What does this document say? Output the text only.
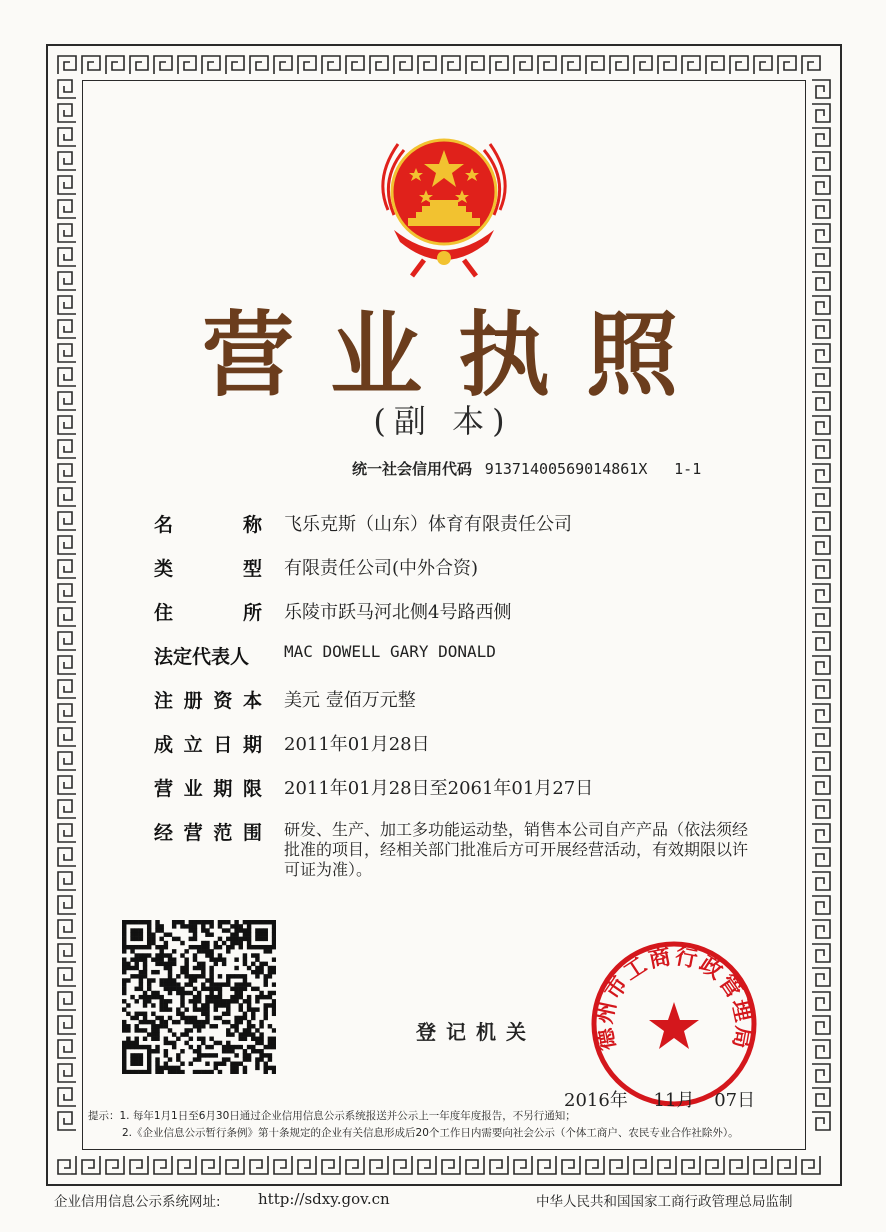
营业执照
(副 本)
统一社会信用代码 91371400569014861X 1-1
名	称 飞乐克斯（山东）体育有限责任公司
类	型 有限责任公司(中外合资)
住	所 乐陵市跃马河北侧4号路西侧
法定代表人	MAC DOWELL GARY DONALD
注 册 资 本 美元 壹佰万元整
成 立 日 期 2011年01月28日
营 业 期 限 2011年01月28日至2061年01月27日
经 营 范 围 研发、生产、加工多功能运动垫，销售本公司自产产品（依法须经批准的项目，经相关部门批准后方可开展经营活动，有效期限以许可证为准）。
登记机关	德州市工商行政管理局
2016年 11月 07日
提示：1. 每年1月1日至6月30日通过企业信用信息公示系统报送并公示上一年度年度报告，不另行通知；
2.《企业信息公示暂行条例》第十条规定的企业有关信息形成后20个工作日内需要向社会公示（个体工商户、农民专业合作社除外）。
企业信用信息公示系统网址: http://sdxy.gov.cn	中华人民共和国国家工商行政管理总局监制
